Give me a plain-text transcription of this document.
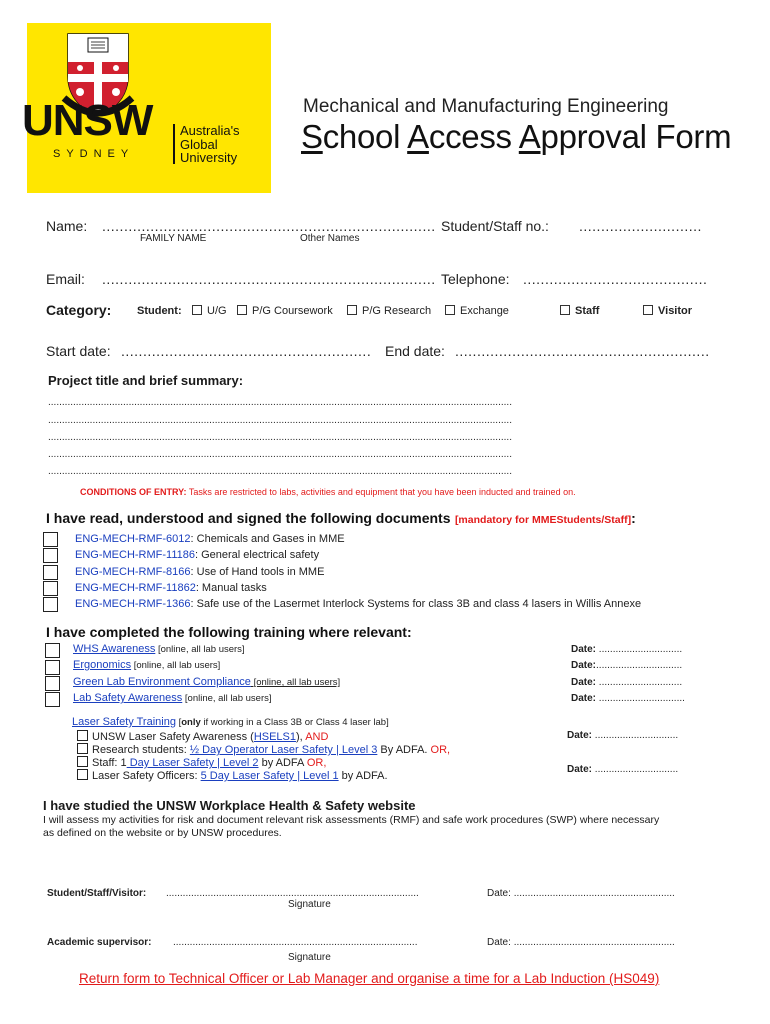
UNSW
SYDNEY
Australia's
Global
University
Mechanical and Manufacturing Engineering
School Access Approval Form
Name: ............................................................................
FAMILY NAME	Other Names
Student/Staff no.: ............................
Email: ............................................................................ Telephone: ..........................................
Category: Student:	U/G	P/G Coursework	P/G Research	Exchange	Staff	Visitor
Start date: ......................................................... End date: ..........................................................
Project title and brief summary:
.......................................................................................................................................................................
.......................................................................................................................................................................
.......................................................................................................................................................................
.......................................................................................................................................................................
.......................................................................................................................................................................
CONDITIONS OF ENTRY: Tasks are restricted to labs, activities and equipment that you have been inducted and trained on.
I have read, understood and signed the following documents [mandatory for MMEStudents/Staff]:
ENG-MECH-RMF-6012: Chemicals and Gases in MME
ENG-MECH-RMF-11186: General electrical safety
ENG-MECH-RMF-8166: Use of Hand tools in MME
ENG-MECH-RMF-11862: Manual tasks
ENG-MECH-RMF-1366: Safe use of the Lasermet Interlock Systems for class 3B and class 4 lasers in Willis Annexe
I have completed the following training where relevant:
WHS Awareness [online, all lab users]	Date: ..............................
Ergonomics [online, all lab users]	Date:...............................
Green Lab Environment Compliance [online, all lab users]	Date: ..............................
Lab Safety Awareness [online, all lab users]	Date: ...............................
Laser Safety Training [only if working in a Class 3B or Class 4 laser lab]
UNSW Laser Safety Awareness (HSELS1), AND
Research students: ½ Day Operator Laser Safety | Level 3 By ADFA. OR,
Staff: 1 Day Laser Safety | Level 2 by ADFA OR,
Laser Safety Officers: 5 Day Laser Safety | Level 1 by ADFA.
Date: ..............................
Date: ..............................
I have studied the UNSW Workplace Health & Safety website
I will assess my activities for risk and document relevant risk assessments (RMF) and safe work procedures (SWP) where necessary
as defined on the website or by UNSW procedures.
Student/Staff/Visitor: ...........................................................................................
Signature
Date: ..........................................................
Academic supervisor: ........................................................................................
Signature
Date: ..........................................................
Return form to Technical Officer or Lab Manager and organise a time for a Lab Induction (HS049)
